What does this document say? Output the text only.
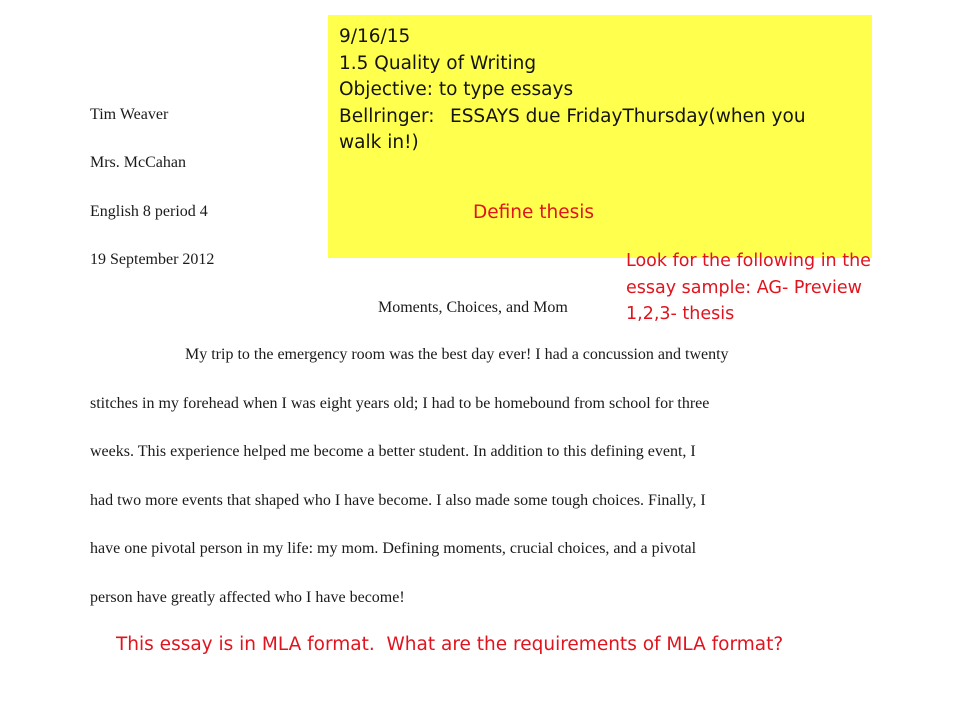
Tim Weaver
Mrs. McCahan
English 8 period 4
19 September 2012
Moments, Choices, and Mom
My trip to the emergency room was the best day ever! I had a concussion and twenty
stitches in my forehead when I was eight years old; I had to be homebound from school for three
weeks. This experience helped me become a better student. In addition to this defining event, I
had two more events that shaped who I have become. I also made some tough choices. Finally, I
have one pivotal person in my life: my mom. Defining moments, crucial choices, and a pivotal
person have greatly affected who I have become!
9/16/15
1.5 Quality of Writing
Objective: to type essays
Bellringer: ESSAYS due FridayThursday(when you
walk in!)
Define thesis
Look for the following in the
essay sample: AG- Preview
1,2,3- thesis
This essay is in MLA format.  What are the requirements of MLA format?
